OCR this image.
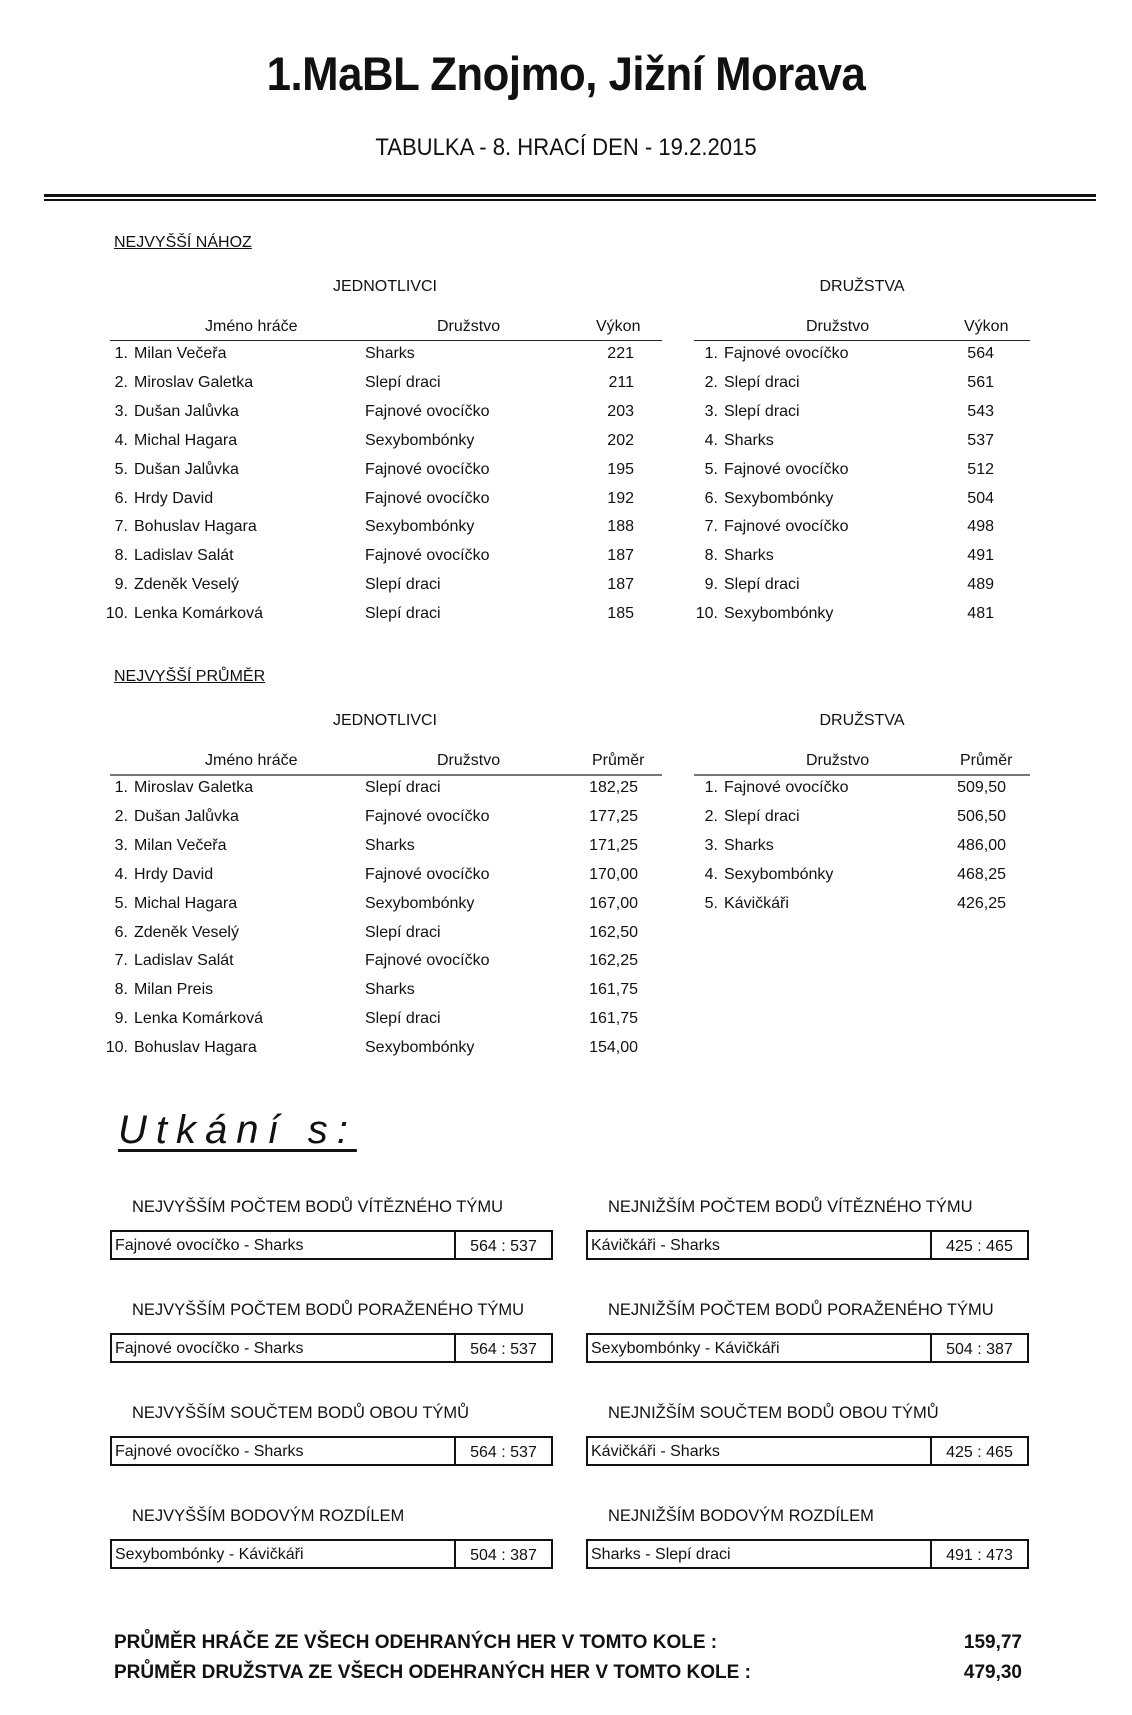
1.MaBL Znojmo, Jižní Morava
TABULKA - 8. HRACÍ DEN - 19.2.2015
NEJVYŠŠÍ NÁHOZ
JEDNOTLIVCI	DRUŽSTVA
Jméno hráče	Družstvo	Výkon
1. Milan Večeřa	Sharks	221
2. Miroslav Galetka	Slepí draci	211
3. Dušan Jalůvka	Fajnové ovocíčko	203
4. Michal Hagara	Sexybombónky	202
5. Dušan Jalůvka	Fajnové ovocíčko	195
6. Hrdy David	Fajnové ovocíčko	192
7. Bohuslav Hagara	Sexybombónky	188
8. Ladislav Salát	Fajnové ovocíčko	187
9. Zdeněk Veselý	Slepí draci	187
10. Lenka Komárková	Slepí draci	185
Družstvo	Výkon
1. Fajnové ovocíčko	564
2. Slepí draci	561
3. Slepí draci	543
4. Sharks	537
5. Fajnové ovocíčko	512
6. Sexybombónky	504
7. Fajnové ovocíčko	498
8. Sharks	491
9. Slepí draci	489
10. Sexybombónky	481
NEJVYŠŠÍ PRŮMĚR
JEDNOTLIVCI	DRUŽSTVA
Jméno hráče	Družstvo	Průměr
1. Miroslav Galetka	Slepí draci	182,25
2. Dušan Jalůvka	Fajnové ovocíčko	177,25
3. Milan Večeřa	Sharks	171,25
4. Hrdy David	Fajnové ovocíčko	170,00
5. Michal Hagara	Sexybombónky	167,00
6. Zdeněk Veselý	Slepí draci	162,50
7. Ladislav Salát	Fajnové ovocíčko	162,25
8. Milan Preis	Sharks	161,75
9. Lenka Komárková	Slepí draci	161,75
10. Bohuslav Hagara	Sexybombónky	154,00
Družstvo	Průměr
1. Fajnové ovocíčko	509,50
2. Slepí draci	506,50
3. Sharks	486,00
4. Sexybombónky	468,25
5. Kávičkáři	426,25
Utkání s:
NEJVYŠŠÍM POČTEM BODŮ VÍTĚZNÉHO TÝMU
Fajnové ovocíčko - Sharks	564 : 537
NEJVYŠŠÍM POČTEM BODŮ PORAŽENÉHO TÝMU
Fajnové ovocíčko - Sharks	564 : 537
NEJVYŠŠÍM SOUČTEM BODŮ OBOU TÝMŮ
Fajnové ovocíčko - Sharks	564 : 537
NEJVYŠŠÍM BODOVÝM ROZDÍLEM
Sexybombónky - Kávičkáři	504 : 387
NEJNIŽŠÍM POČTEM BODŮ VÍTĚZNÉHO TÝMU
Kávičkáři - Sharks	425 : 465
NEJNIŽŠÍM POČTEM BODŮ PORAŽENÉHO TÝMU
Sexybombónky - Kávičkáři	504 : 387
NEJNIŽŠÍM SOUČTEM BODŮ OBOU TÝMŮ
Kávičkáři - Sharks	425 : 465
NEJNIŽŠÍM BODOVÝM ROZDÍLEM
Sharks - Slepí draci	491 : 473
PRŮMĚR HRÁČE ZE VŠECH ODEHRANÝCH HER V TOMTO KOLE :	159,77
PRŮMĚR DRUŽSTVA ZE VŠECH ODEHRANÝCH HER V TOMTO KOLE :	479,30
